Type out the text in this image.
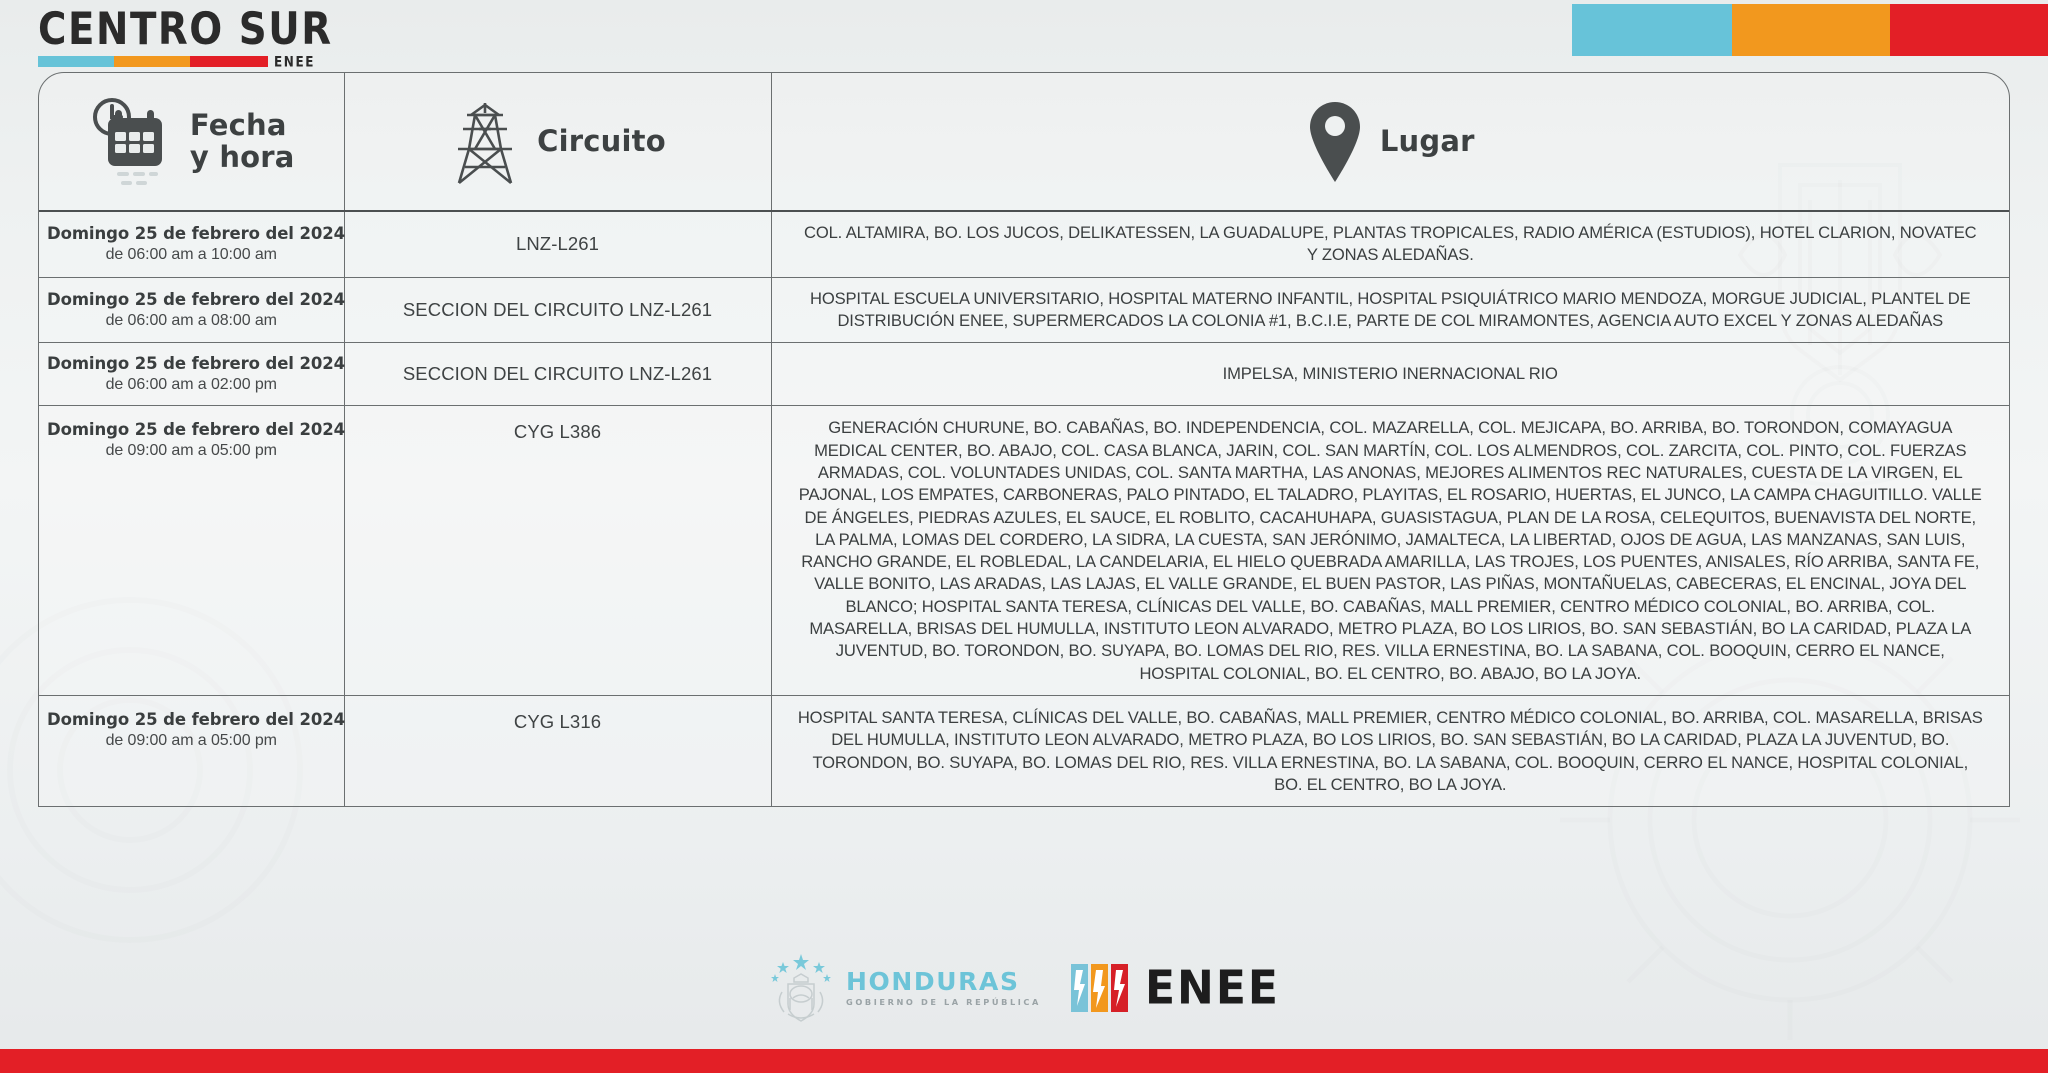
CENTRO SUR
ENEE
Fecha
y hora	Circuito	Lugar

Domingo 25 de febrero del 2024
de 06:00 am a 10:00 am	LNZ-L261	COL. ALTAMIRA, BO. LOS JUCOS, DELIKATESSEN, LA GUADALUPE, PLANTAS TROPICALES, RADIO AMÉRICA (ESTUDIOS), HOTEL CLARION, NOVATEC Y ZONAS ALEDAÑAS.

Domingo 25 de febrero del 2024
de 06:00 am a 08:00 am	SECCION DEL CIRCUITO LNZ-L261	HOSPITAL ESCUELA UNIVERSITARIO, HOSPITAL MATERNO INFANTIL, HOSPITAL PSIQUIÁTRICO MARIO MENDOZA, MORGUE JUDICIAL, PLANTEL DE DISTRIBUCIÓN ENEE, SUPERMERCADOS LA COLONIA #1, B.C.I.E, PARTE DE COL MIRAMONTES, AGENCIA AUTO EXCEL Y ZONAS ALEDAÑAS

Domingo 25 de febrero del 2024
de 06:00 am a 02:00 pm	SECCION DEL CIRCUITO LNZ-L261	IMPELSA, MINISTERIO INERNACIONAL RIO

Domingo 25 de febrero del 2024
de 09:00 am a 05:00 pm	CYG L386	GENERACIÓN CHURUNE, BO. CABAÑAS, BO. INDEPENDENCIA, COL. MAZARELLA, COL. MEJICAPA, BO. ARRIBA, BO. TORONDON, COMAYAGUA MEDICAL CENTER, BO. ABAJO, COL. CASA BLANCA, JARIN, COL. SAN MARTÍN, COL. LOS ALMENDROS, COL. ZARCITA, COL. PINTO, COL. FUERZAS ARMADAS, COL. VOLUNTADES UNIDAS, COL. SANTA MARTHA, LAS ANONAS, MEJORES ALIMENTOS REC NATURALES, CUESTA DE LA VIRGEN, EL PAJONAL, LOS EMPATES, CARBONERAS, PALO PINTADO, EL TALADRO, PLAYITAS, EL ROSARIO, HUERTAS, EL JUNCO, LA CAMPA CHAGUITILLO. VALLE DE ÁNGELES, PIEDRAS AZULES, EL SAUCE, EL ROBLITO, CACAHUHAPA, GUASISTAGUA, PLAN DE LA ROSA, CELEQUITOS, BUENAVISTA DEL NORTE, LA PALMA, LOMAS DEL CORDERO, LA SIDRA, LA CUESTA, SAN JERÓNIMO, JAMALTECA, LA LIBERTAD, OJOS DE AGUA, LAS MANZANAS, SAN LUIS, RANCHO GRANDE, EL ROBLEDAL, LA CANDELARIA, EL HIELO QUEBRADA AMARILLA, LAS TROJES, LOS PUENTES, ANISALES, RÍO ARRIBA, SANTA FE, VALLE BONITO, LAS ARADAS, LAS LAJAS, EL VALLE GRANDE, EL BUEN PASTOR, LAS PIÑAS, MONTAÑUELAS, CABECERAS, EL ENCINAL, JOYA DEL BLANCO; HOSPITAL SANTA TERESA, CLÍNICAS DEL VALLE, BO. CABAÑAS, MALL PREMIER, CENTRO MÉDICO COLONIAL, BO. ARRIBA, COL. MASARELLA, BRISAS DEL HUMULLA, INSTITUTO LEON ALVARADO, METRO PLAZA, BO LOS LIRIOS, BO. SAN SEBASTIÁN, BO LA CARIDAD, PLAZA LA JUVENTUD, BO. TORONDON, BO. SUYAPA, BO. LOMAS DEL RIO, RES. VILLA ERNESTINA, BO. LA SABANA, COL. BOOQUIN, CERRO EL NANCE, HOSPITAL COLONIAL, BO. EL CENTRO, BO. ABAJO, BO LA JOYA.

Domingo 25 de febrero del 2024
de 09:00 am a 05:00 pm	CYG L316	HOSPITAL SANTA TERESA, CLÍNICAS DEL VALLE, BO. CABAÑAS, MALL PREMIER, CENTRO MÉDICO COLONIAL, BO. ARRIBA, COL. MASARELLA, BRISAS DEL HUMULLA, INSTITUTO LEON ALVARADO, METRO PLAZA, BO LOS LIRIOS, BO. SAN SEBASTIÁN, BO LA CARIDAD, PLAZA LA JUVENTUD, BO. TORONDON, BO. SUYAPA, BO. LOMAS DEL RIO, RES. VILLA ERNESTINA, BO. LA SABANA, COL. BOOQUIN, CERRO EL NANCE, HOSPITAL COLONIAL, BO. EL CENTRO, BO LA JOYA.
HONDURAS
GOBIERNO DE LA REPÚBLICA ENEE
